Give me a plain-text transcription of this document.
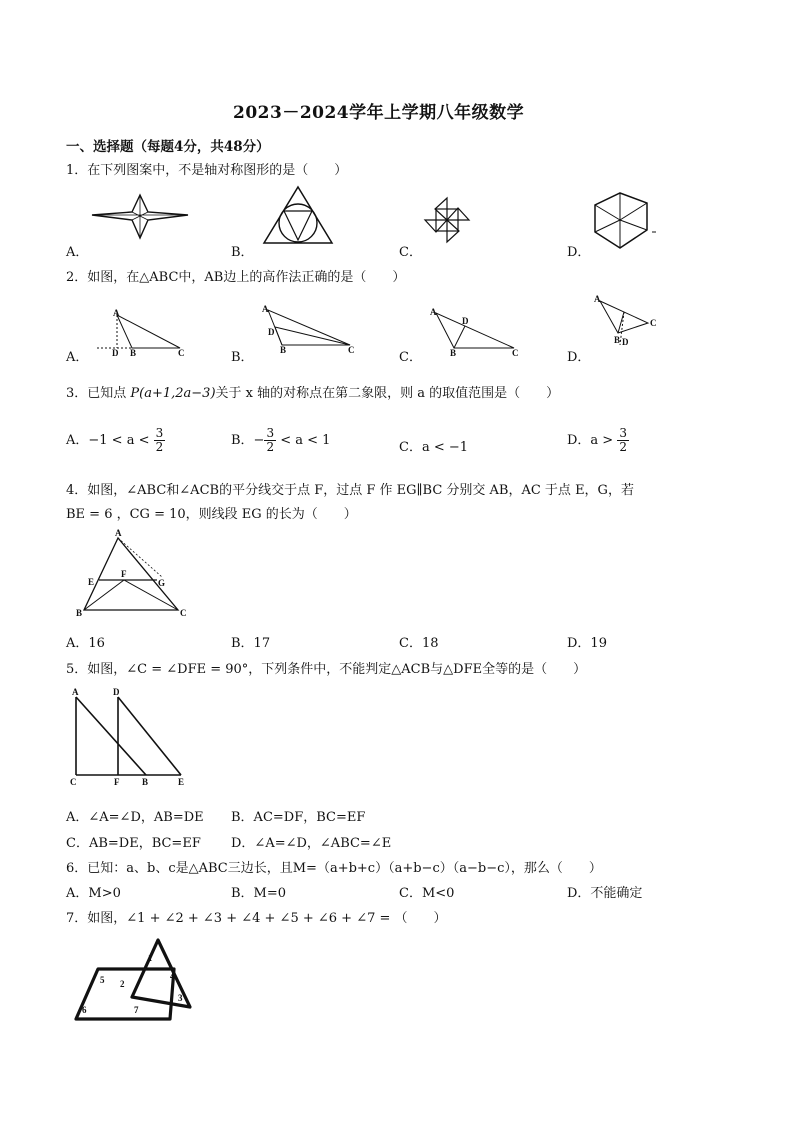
2023－2024学年上学期八年级数学
一、选择题（每题4分，共48分）
1．在下列图案中，不是轴对称图形的是（　　）
A．	B．	C．	D．
2．如图，在△ABC中，AB边上的高作法正确的是（　　）
A
D B	C
A
D
B	C
A
D
B	C
A
C
D
B
A．	B．	C．	D．
3．已知点 P(a+1,2a−3)关于 x 轴的对称点在第二象限，则 a 的取值范围是（　　）
A．$-1 < a < \frac{3}{2}$	B．− $\frac{3}{2} < a < 1$	C．a < −1	D．$a > \frac{3}{2}$
4．如图，∠ABC和∠ACB的平分线交于点 F，过点 F 作 EG∥BC 分别交 AB，AC 于点 E，G，若
BE = 6 ，CG = 10，则线段 EG 的长为（　　）
A
E
F
G
B	C
A．16	B．17	C．18	D．19
5．如图，∠C = ∠DFE = 90°，下列条件中，不能判定△ACB与△DFE全等的是（　　）
A	D
C	F	B	E
A．∠A=∠D，AB=DE B．AC=DF，BC=EF
C．AB=DE，BC=EF D．∠A=∠D，∠ABC=∠E
6．已知：a、b、c是△ABC三边长，且M=（a+b+c）（a+b−c）（a−b−c），那么（　　）
A．M>0	B．M=0	C．M<0	D．不能确定
7．如图，∠1 + ∠2 + ∠3 + ∠4 + ∠5 + ∠6 + ∠7 = （　　）
1
2
3
4
5
6	7
